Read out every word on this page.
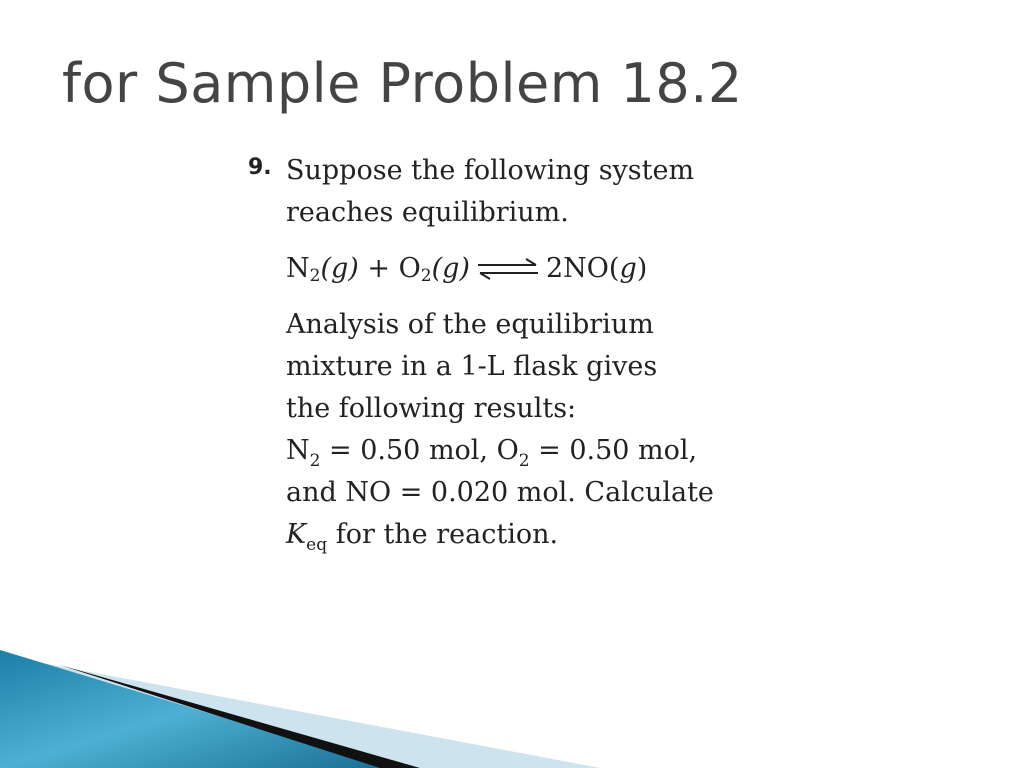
for Sample Problem 18.2
9. Suppose the following system
reaches equilibrium.
N 2 (g)
+
O 2 (g) ⇌ 2NO( g )
Analysis of the equilibrium
mixture in a 1-L flask gives
the following results:
$N_2 = 0.50$ mol, $O_2 = 0.50$ mol,
and NO = 0.020 mol. Calculate
$K_{eq}$ for the reaction.
